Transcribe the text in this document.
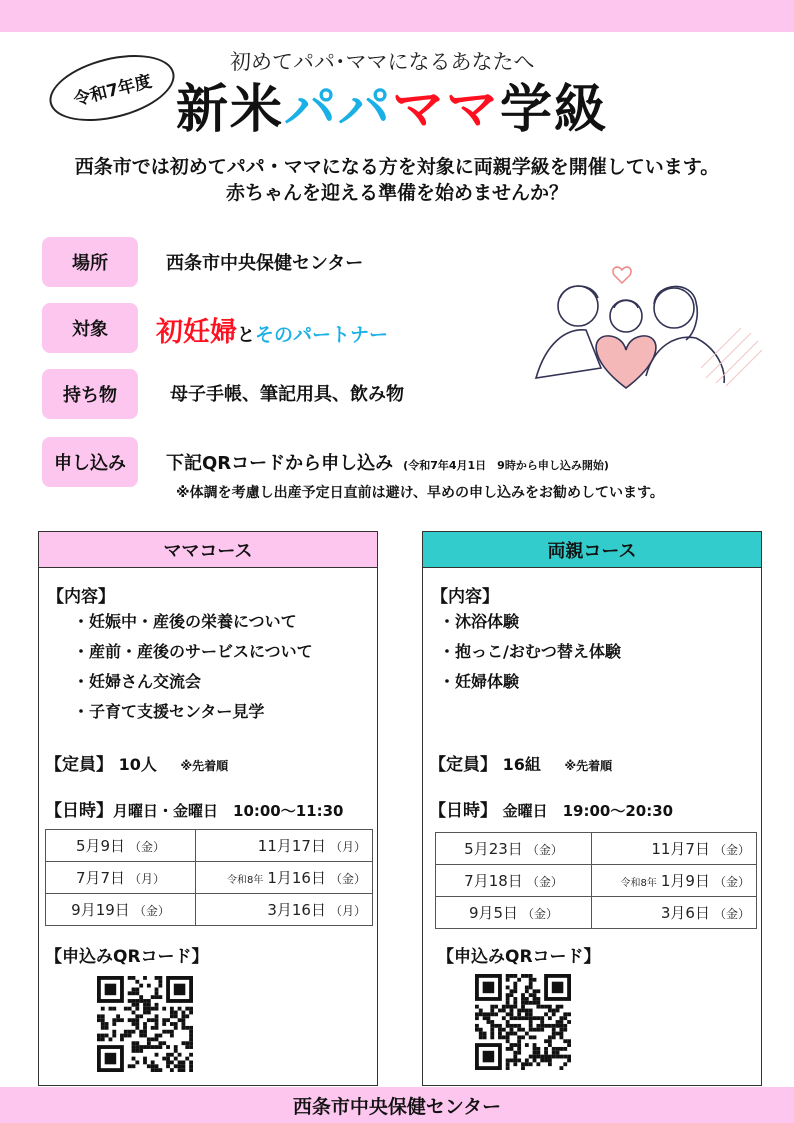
令和7年度
初めてパパ･ママになるあなたへ
新米パパママ学級
西条市では初めてパパ・ママになる方を対象に両親学級を開催しています。
赤ちゃんを迎える準備を始めませんか？
場所	西条市中央保健センター
対象	初妊婦とそのパートナー
持ち物	母子手帳、筆記用具、飲み物
申し込み	下記QRコードから申し込み (令和7年4月1日　9時から申し込み開始)
※体調を考慮し出産予定日直前は避け、早めの申し込みをお勧めしています。
ママコース
【内容】
・妊娠中・産後の栄養について
・産前・産後のサービスについて
・妊婦さん交流会
・子育て支援センター見学
【定員】 10人 ※先着順
【日時】月曜日・金曜日　10:00～11:30
5月9日 （金）	11月17日 （月）
7月7日 （月）	令和8年 1月16日 （金）
9月19日 （金）	3月16日 （月）
【申込みQRコード】
両親コース
【内容】
・沐浴体験
・抱っこ/おむつ替え体験
・妊婦体験
【定員】 16組 ※先着順
【日時】 金曜日　19:00～20:30
5月23日 （金）	11月7日 （金）
7月18日 （金）	令和8年 1月9日 （金）
9月5日 （金）	3月6日 （金）
【申込みQRコード】
西条市中央保健センター
